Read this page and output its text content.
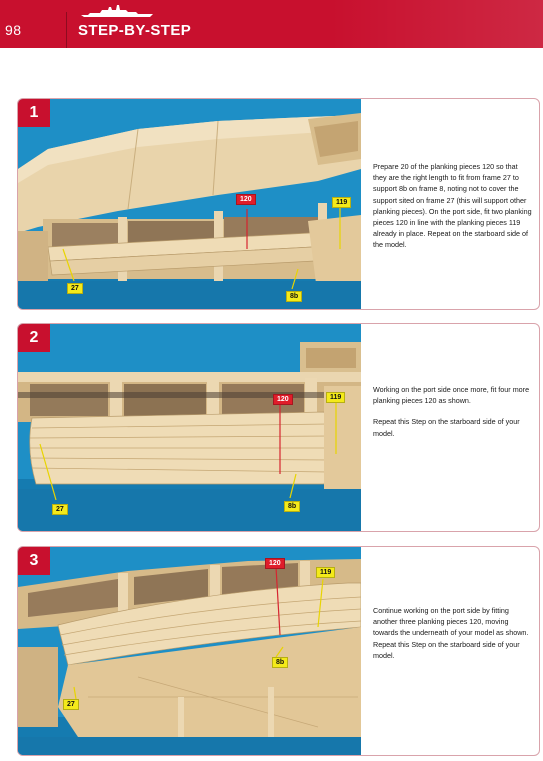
98	STEP-BY-STEP
1
120	119
27
8b

Prepare 20 of the planking pieces 120 so that they are the right length to fit from frame 27 to support 8b on frame 8, noting not to cover the support sited on frame 27 (this will support other planking pieces). On the port side, fit two planking pieces 120 in line with the planking pieces 119 already in place. Repeat on the starboard side of the model.

2
120	119
27	8b

Working on the port side once more, fit four more planking pieces 120 as shown.

Repeat this Step on the starboard side of your model.

3	120
119
8b
27

Continue working on the port side by fitting another three planking pieces 120, moving towards the underneath of your model as shown. Repeat this Step on the starboard side of your model.
